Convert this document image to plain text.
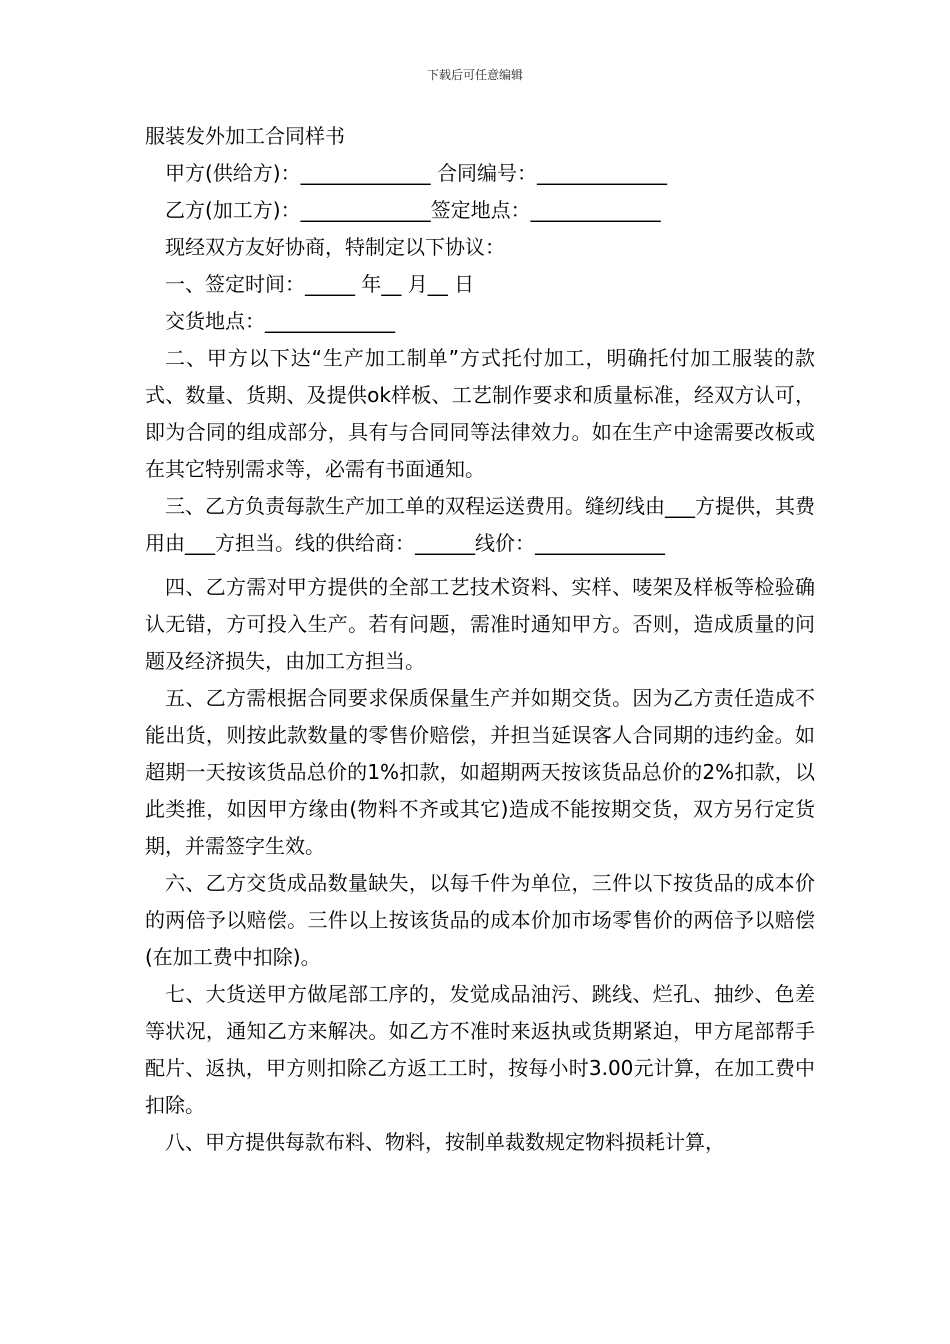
下载后可任意编辑

服装发外加工合同样书

甲方(供给方)：_____________ 合同编号：_____________

乙方(加工方)：_____________签定地点：_____________

现经双方友好协商，特制定以下协议：

一、签定时间：_____ 年__ 月__ 日

交货地点：_____________

二、甲方以下达“生产加工制单”方式托付加工，明确托付加工服装的款式、数量、货期、及提供ok样板、工艺制作要求和质量标准，经双方认可，即为合同的组成部分，具有与合同同等法律效力。如在生产中途需要改板或在其它特别需求等，必需有书面通知。

三、乙方负责每款生产加工单的双程运送费用。缝纫线由___方提供，其费用由___方担当。线的供给商：______线价：_____________

四、乙方需对甲方提供的全部工艺技术资料、实样、唛架及样板等检验确认无错，方可投入生产。若有问题，需准时通知甲方。否则，造成质量的问题及经济损失，由加工方担当。

五、乙方需根据合同要求保质保量生产并如期交货。因为乙方责任造成不能出货，则按此款数量的零售价赔偿，并担当延误客人合同期的违约金。如超期一天按该货品总价的1%扣款，如超期两天按该货品总价的2%扣款，以此类推，如因甲方缘由(物料不齐或其它)造成不能按期交货，双方另行定货期，并需签字生效。

六、乙方交货成品数量缺失，以每千件为单位，三件以下按货品的成本价的两倍予以赔偿。三件以上按该货品的成本价加市场零售价的两倍予以赔偿(在加工费中扣除)。

七、大货送甲方做尾部工序的，发觉成品油污、跳线、烂孔、抽纱、色差等状况，通知乙方来解决。如乙方不准时来返执或货期紧迫，甲方尾部帮手配片、返执，甲方则扣除乙方返工工时，按每小时3.00元计算，在加工费中扣除。

八、甲方提供每款布料、物料，按制单裁数规定物料损耗计算，
